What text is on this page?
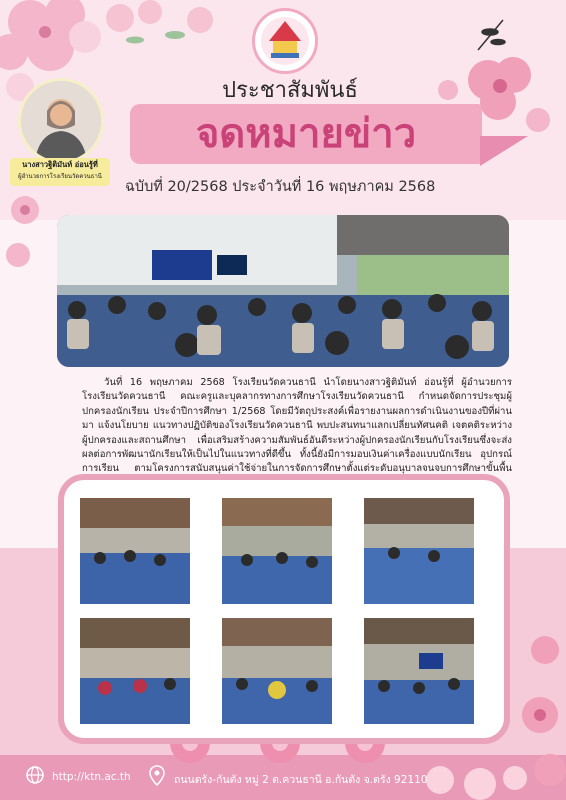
ประชาสัมพันธ์
จดหมายข่าว
ฉบับที่ 20/2568 ประจำวันที่ 16 พฤษภาคม 2568
นางสาวฐิติมันท์ อ่อนรู้ที่
ผู้อำนวยการโรงเรียนวัดควนธานี
วันที่ 16 พฤษภาคม 2568 โรงเรียนวัดควนธานี นำโดยนางสาวฐิติมันท์ อ่อนรู้ที่ ผู้อำนวยการโรงเรียนวัดควนธานี คณะครูและบุคลากรทางการศึกษาโรงเรียนวัดควนธานี กำหนดจัดการประชุมผู้ปกครองนักเรียน ประจำปีการศึกษา 1/2568 โดยมีวัตถุประสงค์เพื่อรายงานผลการดำเนินงานของปีที่ผ่านมา แจ้งนโยบาย แนวทางปฏิบัติของโรงเรียนวัดควนธานี พบปะสนทนาแลกเปลี่ยนทัศนคติ เจตคติระหว่างผู้ปกครองและสถานศึกษา เพื่อเสริมสร้างความสัมพันธ์อันดีระหว่างผู้ปกครองนักเรียนกับโรงเรียนซึ่งจะส่งผลต่อการพัฒนานักเรียนให้เป็นไปในแนวทางที่ดีขึ้น ทั้งนี้ยังมีการมอบเงินค่าเครื่องแบบนักเรียน อุปกรณ์การเรียน ตามโครงการสนับสนุนค่าใช้จ่ายในการจัดการศึกษาตั้งแต่ระดับอนุบาลจนจบการศึกษาขั้นพื้น
http://ktn.ac.th	ถนนตรัง-กันตัง หมู่ 2 ต.ควนธานี อ.กันตัง จ.ตรัง 92110
